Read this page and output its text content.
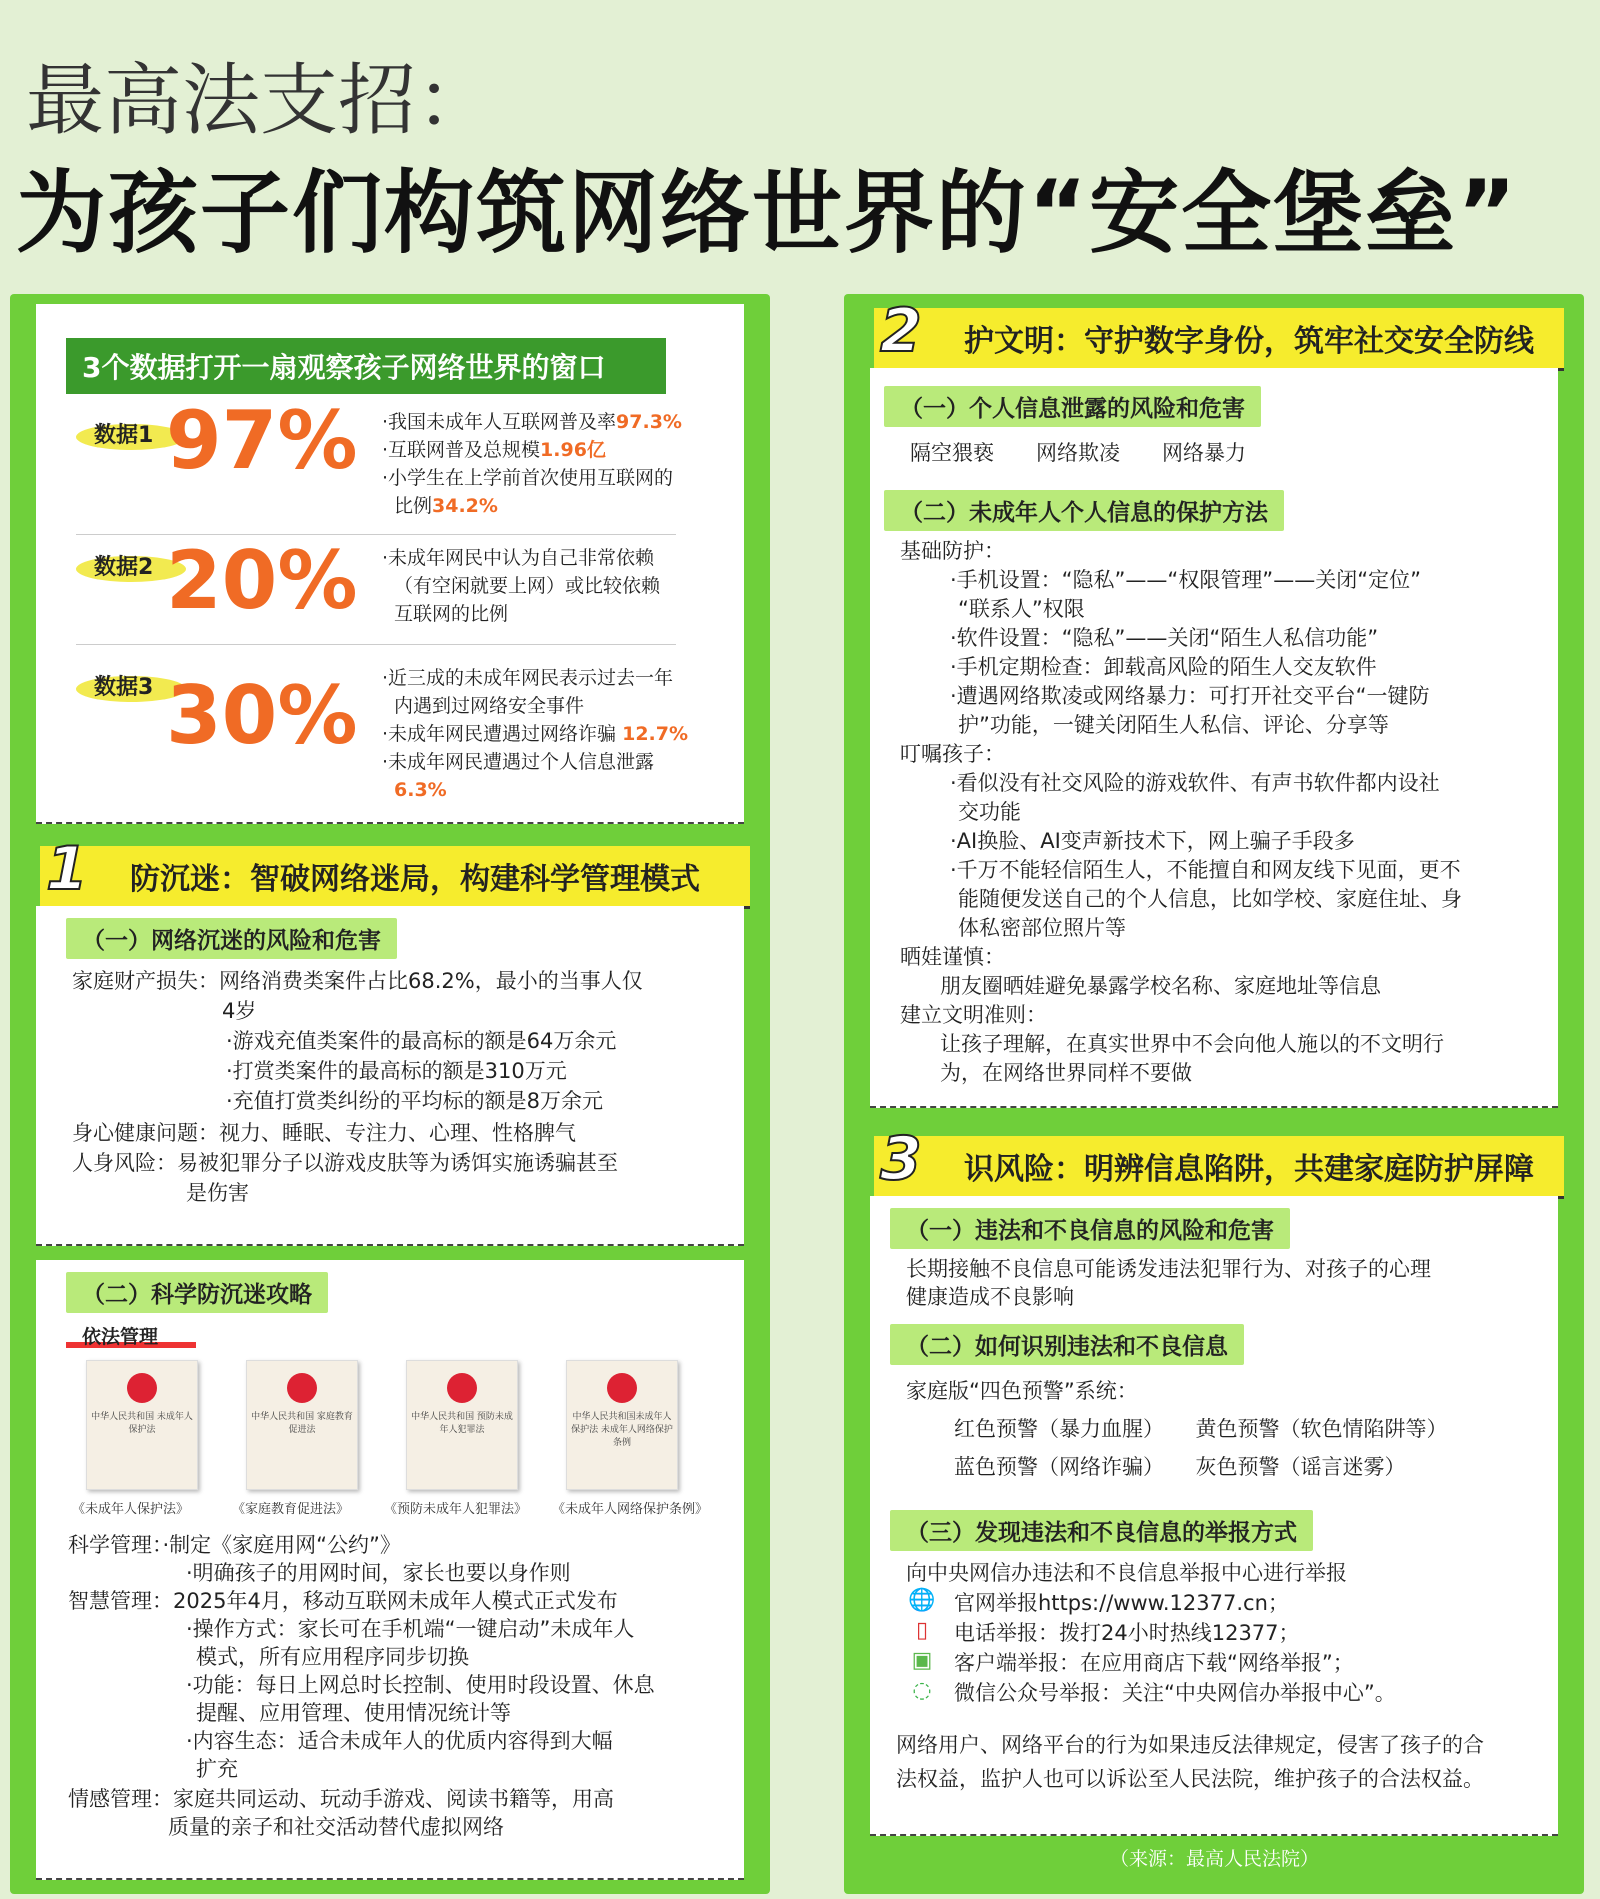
最高法支招：
为孩子们构筑网络世界的“安全堡垒”
3个数据打开一扇观察孩子网络世界的窗口
数据1 97% ·我国未成年人互联网普及率97.3%
·互联网普及总规模1.96亿
·小学生在上学前首次使用互联网的
比例34.2%
数据2 20% ·未成年网民中认为自己非常依赖
（有空闲就要上网）或比较依赖
互联网的比例
数据3 30% ·近三成的未成年网民表示过去一年
内遇到过网络安全事件
·未成年网民遭遇过网络诈骗 12.7%
·未成年网民遭遇过个人信息泄露
6.3%
防沉迷：智破网络迷局，构建科学管理模式
1
（一）网络沉迷的风险和危害
家庭财产损失：网络消费类案件占比68.2%，最小的当事人仅
4岁
·游戏充值类案件的最高标的额是64万余元
·打赏类案件的最高标的额是310万元
·充值打赏类纠纷的平均标的额是8万余元
身心健康问题：视力、睡眠、专注力、心理、性格脾气
人身风险：易被犯罪分子以游戏皮肤等为诱饵实施诱骗甚至
是伤害
（二）科学防沉迷攻略
依法管理
中华人民共和国 未成年人保护法
中华人民共和国 家庭教育促进法
中华人民共和国 预防未成年人犯罪法
中华人民共和国未成年人保护法 未成年人网络保护条例
《未成年人保护法》	《家庭教育促进法》	《预防未成年人犯罪法》 《未成年人网络保护条例》
科学管理：·制定《家庭用网“公约”》
·明确孩子的用网时间，家长也要以身作则
智慧管理：2025年4月，移动互联网未成年人模式正式发布
·操作方式：家长可在手机端“一键启动”未成年人
模式，所有应用程序同步切换
·功能：每日上网总时长控制、使用时段设置、休息
提醒、应用管理、使用情况统计等
·内容生态：适合未成年人的优质内容得到大幅
扩充
情感管理：家庭共同运动、玩动手游戏、阅读书籍等，用高
质量的亲子和社交活动替代虚拟网络
护文明：守护数字身份，筑牢社交安全防线
2
（一）个人信息泄露的风险和危害
隔空猥亵　　网络欺凌　　网络暴力
（二）未成年人个人信息的保护方法
基础防护：
·手机设置：“隐私”——“权限管理”——关闭“定位”
“联系人”权限
·软件设置：“隐私”——关闭“陌生人私信功能”
·手机定期检查：卸载高风险的陌生人交友软件
·遭遇网络欺凌或网络暴力：可打开社交平台“一键防
护”功能，一键关闭陌生人私信、评论、分享等
叮嘱孩子：
·看似没有社交风险的游戏软件、有声书软件都内设社
交功能
·AI换脸、AI变声新技术下，网上骗子手段多
·千万不能轻信陌生人，不能擅自和网友线下见面，更不
能随便发送自己的个人信息，比如学校、家庭住址、身
体私密部位照片等
晒娃谨慎：
朋友圈晒娃避免暴露学校名称、家庭地址等信息
建立文明准则：
让孩子理解，在真实世界中不会向他人施以的不文明行
为，在网络世界同样不要做
识风险：明辨信息陷阱，共建家庭防护屏障
3
（一）违法和不良信息的风险和危害
长期接触不良信息可能诱发违法犯罪行为、对孩子的心理
健康造成不良影响
（二）如何识别违法和不良信息
家庭版“四色预警”系统：
红色预警（暴力血腥）　　黄色预警（软色情陷阱等）
蓝色预警（网络诈骗）　　灰色预警（谣言迷雾）
（三）发现违法和不良信息的举报方式
向中央网信办违法和不良信息举报中心进行举报
🌐 官网举报https://www.12377.cn；
▯	电话举报：拨打24小时热线12377；
▣ 客户端举报：在应用商店下载“网络举报”；
◌	微信公众号举报：关注“中央网信办举报中心”。
网络用户、网络平台的行为如果违反法律规定，侵害了孩子的合
法权益，监护人也可以诉讼至人民法院，维护孩子的合法权益。
（来源：最高人民法院）
